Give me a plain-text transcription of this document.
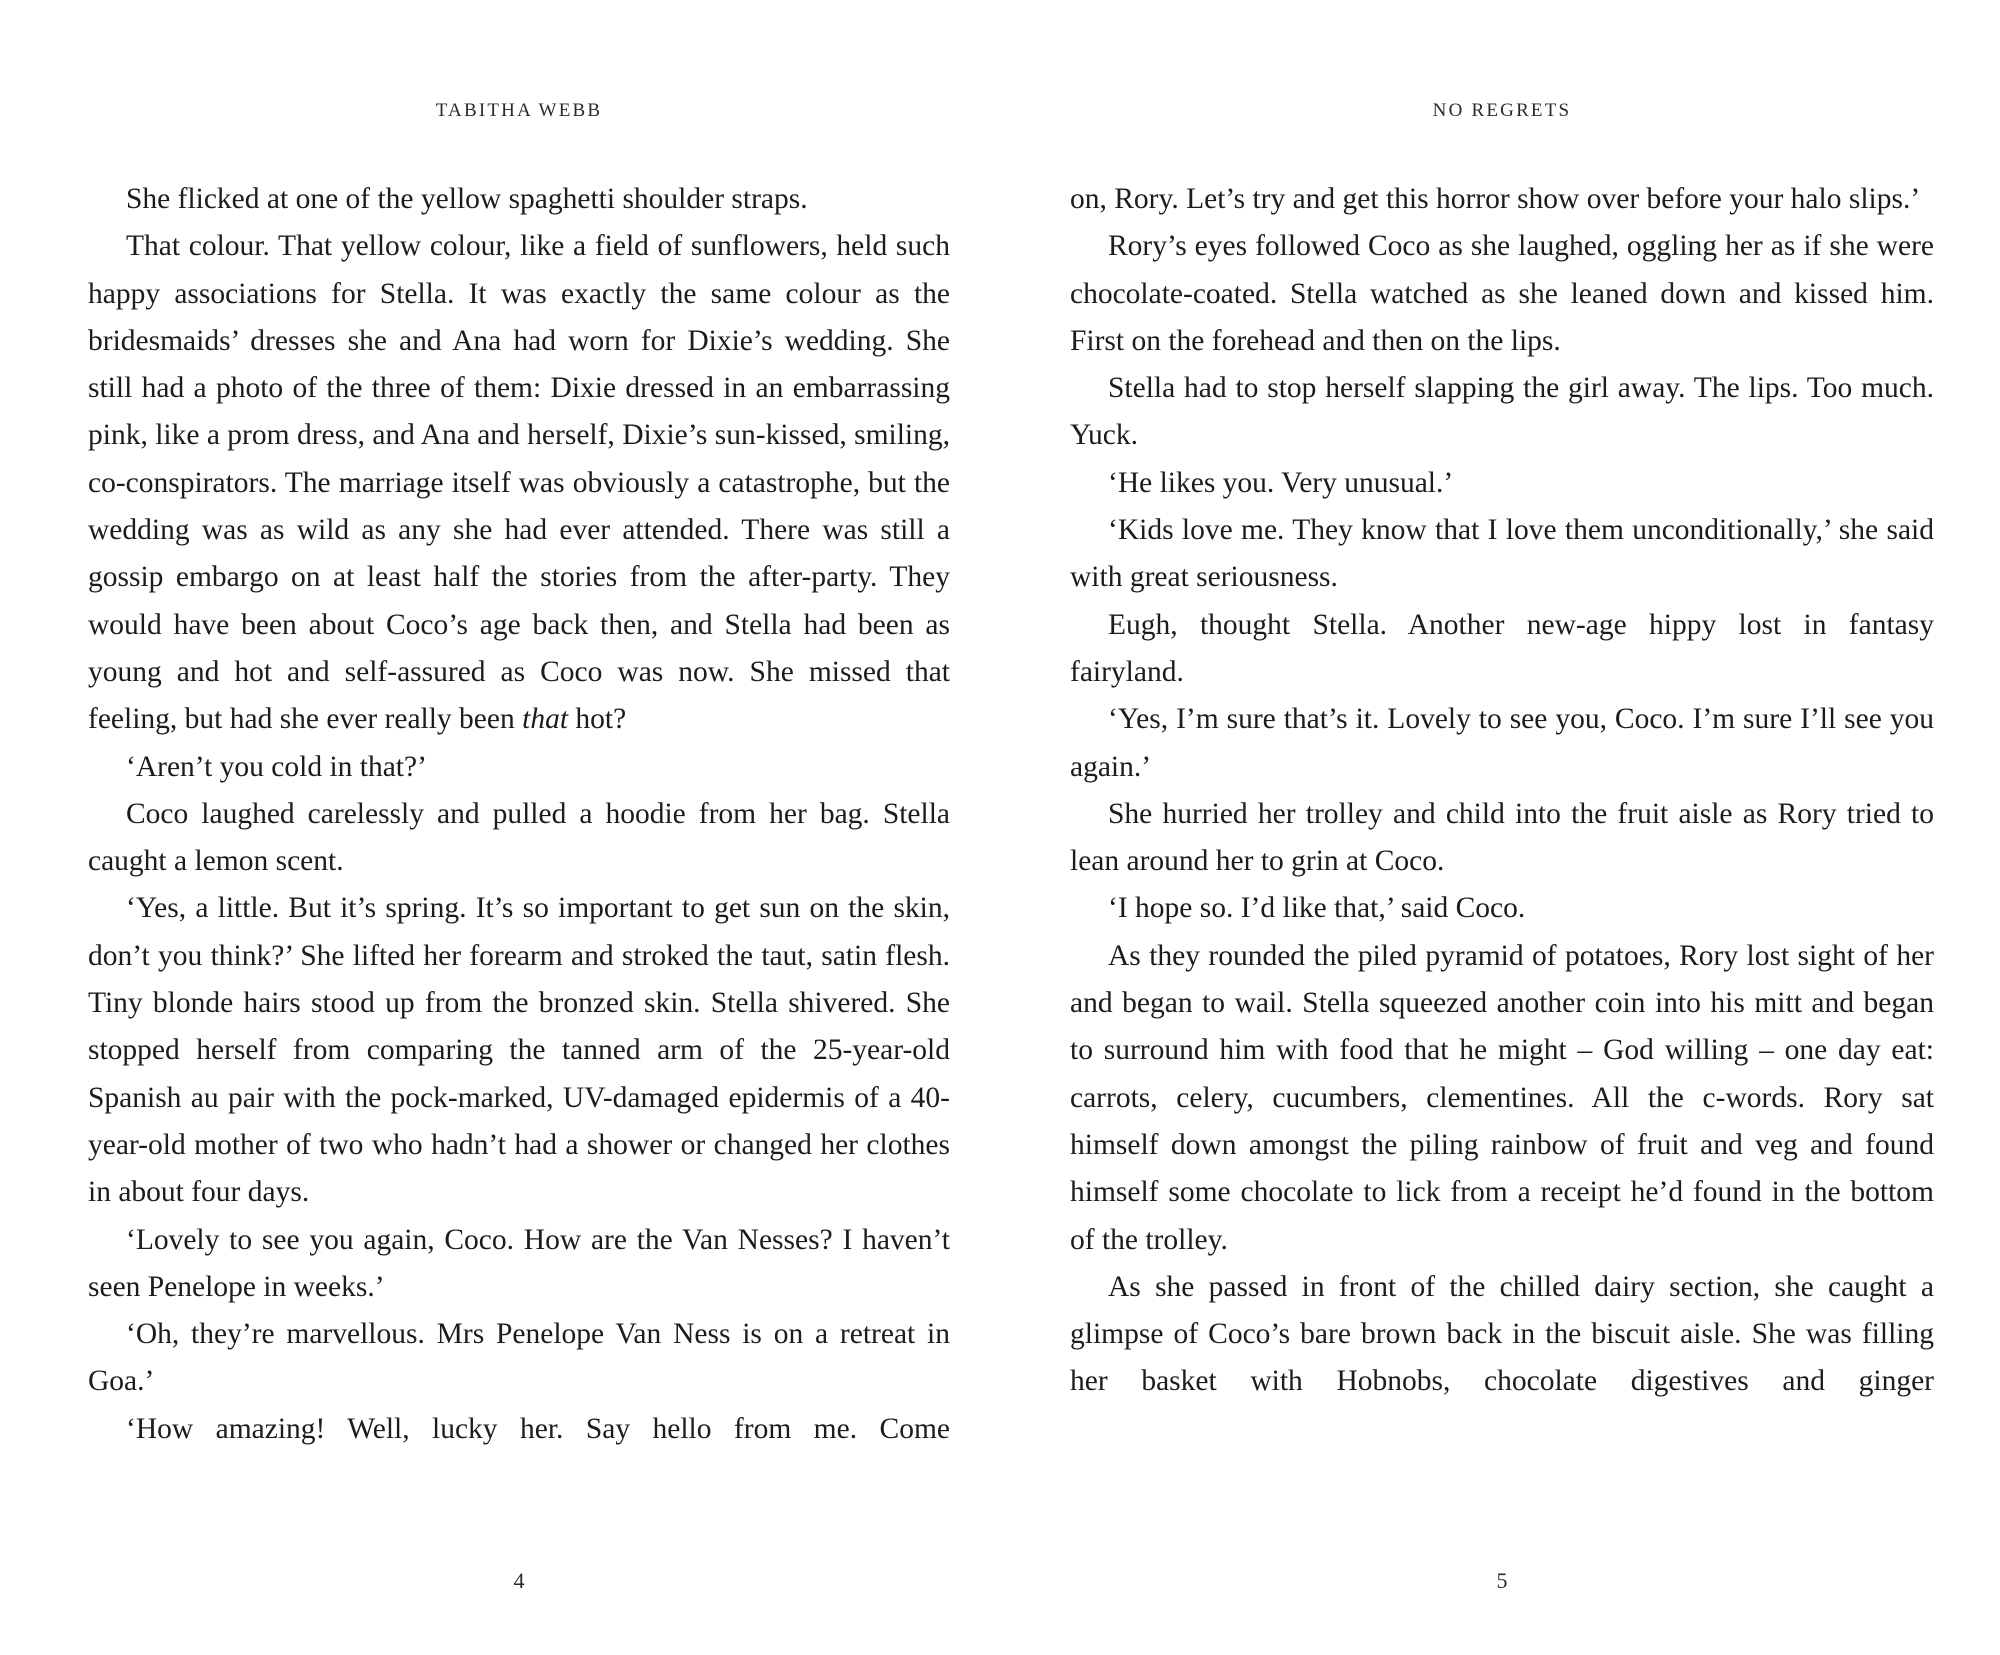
TABITHA WEBB

She flicked at one of the yellow spaghetti shoulder straps.

That colour. That yellow colour, like a field of sunflowers, held such happy associations for Stella. It was exactly the same colour as the bridesmaids’ dresses she and Ana had worn for Dixie’s wedding. She still had a photo of the three of them: Dixie dressed in an embarrassing pink, like a prom dress, and Ana and herself, Dixie’s sun-kissed, smiling, co-conspirators. The marriage itself was obviously a catastrophe, but the wedding was as wild as any she had ever attended. There was still a gossip embargo on at least half the stories from the after-party. They would have been about Coco’s age back then, and Stella had been as young and hot and self-assured as Coco was now. She missed that feeling, but had she ever really been that hot?

‘Aren’t you cold in that?’

Coco laughed carelessly and pulled a hoodie from her bag. Stella caught a lemon scent.

‘Yes, a little. But it’s spring. It’s so important to get sun on the skin, don’t you think?’ She lifted her forearm and stroked the taut, satin flesh. Tiny blonde hairs stood up from the bronzed skin. Stella shivered. She stopped herself from comparing the tanned arm of the 25-year-old Spanish au pair with the pock-marked, UV-damaged epidermis of a 40-year-old mother of two who hadn’t had a shower or changed her clothes in about four days.

‘Lovely to see you again, Coco. How are the Van Nesses? I haven’t seen Penelope in weeks.’

‘Oh, they’re marvellous. Mrs Penelope Van Ness is on a retreat in Goa.’

‘How amazing! Well, lucky her. Say hello from me. Come

4
NO REGRETS

on, Rory. Let’s try and get this horror show over before your halo slips.’

Rory’s eyes followed Coco as she laughed, oggling her as if she were chocolate-coated. Stella watched as she leaned down and kissed him. First on the forehead and then on the lips.

Stella had to stop herself slapping the girl away. The lips. Too much. Yuck.

‘He likes you. Very unusual.’

‘Kids love me. They know that I love them unconditionally,’ she said with great seriousness.

Eugh, thought Stella. Another new-age hippy lost in fantasy fairyland.

‘Yes, I’m sure that’s it. Lovely to see you, Coco. I’m sure I’ll see you again.’

She hurried her trolley and child into the fruit aisle as Rory tried to lean around her to grin at Coco.

‘I hope so. I’d like that,’ said Coco.

As they rounded the piled pyramid of potatoes, Rory lost sight of her and began to wail. Stella squeezed another coin into his mitt and began to surround him with food that he might – God willing – one day eat: carrots, celery, cucumbers, clementines. All the c-words. Rory sat himself down amongst the piling rainbow of fruit and veg and found himself some chocolate to lick from a receipt he’d found in the bottom of the trolley.

As she passed in front of the chilled dairy section, she caught a glimpse of Coco’s bare brown back in the biscuit aisle. She was filling her basket with Hobnobs, chocolate digestives and ginger

5
